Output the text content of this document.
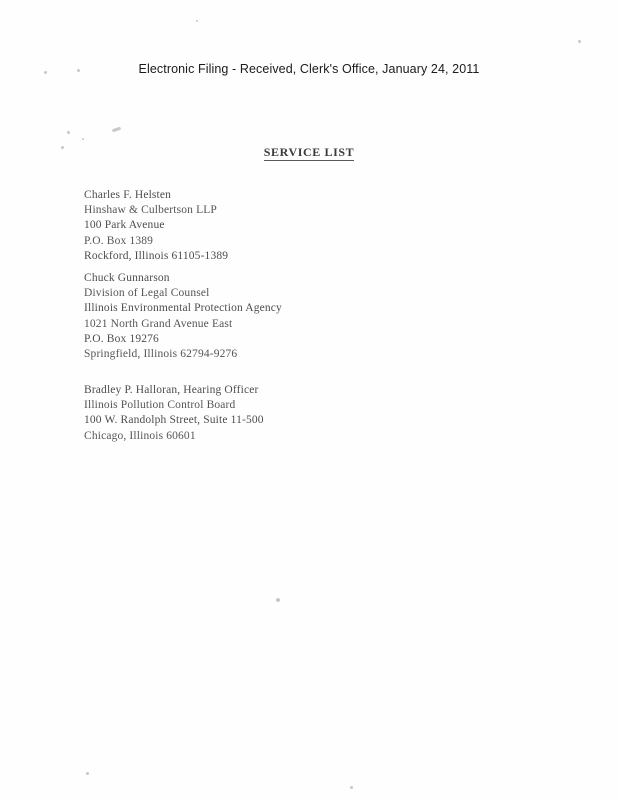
Electronic Filing - Received, Clerk's Office, January 24, 2011
SERVICE LIST
Charles F. Helsten
Hinshaw & Culbertson LLP
100 Park Avenue
P.O. Box 1389
Rockford, Illinois 61105-1389
Chuck Gunnarson
Division of Legal Counsel
Illinois Environmental Protection Agency
1021 North Grand Avenue East
P.O. Box 19276
Springfield, Illinois 62794-9276
Bradley P. Halloran, Hearing Officer
Illinois Pollution Control Board
100 W. Randolph Street, Suite 11-500
Chicago, Illinois 60601
